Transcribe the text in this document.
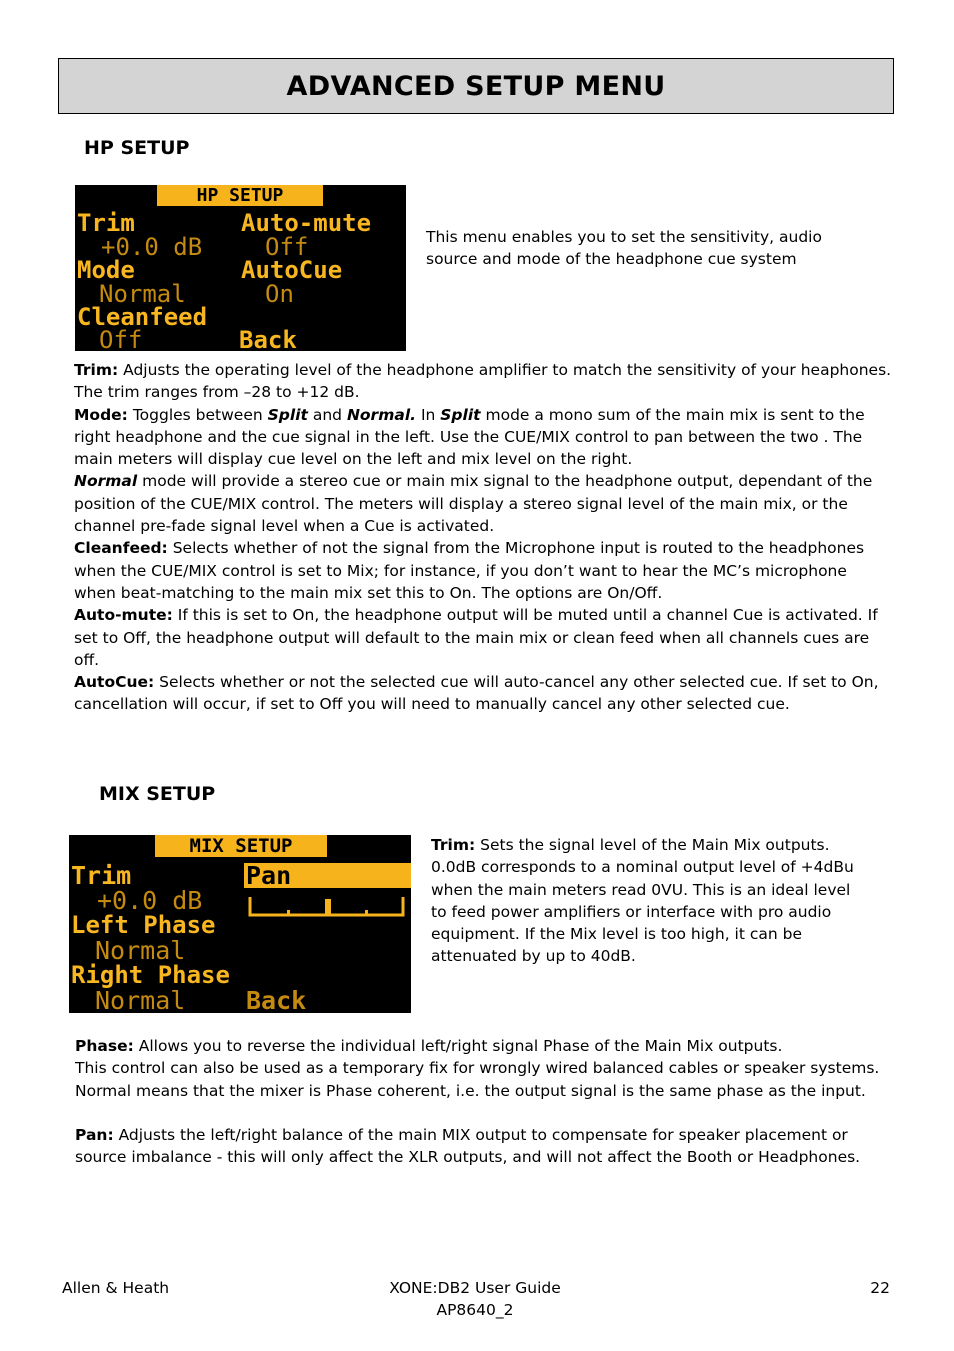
ADVANCED SETUP MENU
HP SETUP
HP SETUP
Trim
+0.0 dB
Mode
Normal
Cleanfeed
Off
Auto-mute
Off
AutoCue
On
Back
This menu enables you to set the sensitivity, audio source and mode of the headphone cue system

Trim: Adjusts the operating level of the headphone amplifier to match the sensitivity of your heaphones. The trim ranges from –28 to +12 dB.

Mode: Toggles between Split and Normal. In Split mode a mono sum of the main mix is sent to the right headphone and the cue signal in the left. Use the CUE/MIX control to pan between the two . The main meters will display cue level on the left and mix level on the right.

Normal mode will provide a stereo cue or main mix signal to the headphone output, dependant of the position of the CUE/MIX control. The meters will display a stereo signal level of the main mix, or the channel pre-fade signal level when a Cue is activated.

Cleanfeed: Selects whether of not the signal from the Microphone input is routed to the headphones when the CUE/MIX control is set to Mix; for instance, if you don’t want to hear the MC’s microphone when beat-matching to the main mix set this to On. The options are On/Off.

Auto-mute: If this is set to On, the headphone output will be muted until a channel Cue is activated. If set to Off, the headphone output will default to the main mix or clean feed when all channels cues are off.

AutoCue: Selects whether or not the selected cue will auto-cancel any other selected cue. If set to On, cancellation will occur, if set to Off you will need to manually cancel any other selected cue.

MIX SETUP
MIX SETUP
Trim
+0.0 dB
Left Phase
Normal
Right Phase
Normal
Pan
Back
Trim: Sets the signal level of the Main Mix outputs. 0.0dB corresponds to a nominal output level of +4dBu when the main meters read 0VU. This is an ideal level to feed power amplifiers or interface with pro audio equipment. If the Mix level is too high, it can be attenuated by up to 40dB.

Phase: Allows you to reverse the individual left/right signal Phase of the Main Mix outputs.

This control can also be used as a temporary fix for wrongly wired balanced cables or speaker systems.

Normal means that the mixer is Phase coherent, i.e. the output signal is the same phase as the input.

Pan: Adjusts the left/right balance of the main MIX output to compensate for speaker placement or source imbalance - this will only affect the XLR outputs, and will not affect the Booth or Headphones.

Allen & Heath	XONE:DB2 User Guide
AP8640_2
22
